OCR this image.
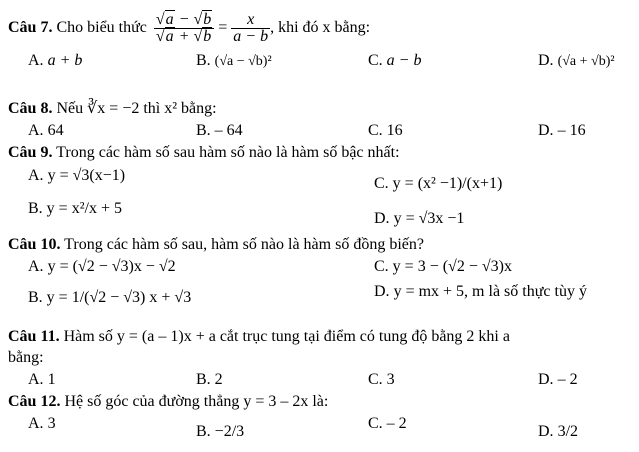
Câu 7. Cho biểu thức $\frac{√a - √b}{√a + √b} = \frac{x}{a - b}$ , khi đó x bằng:
A. a + b	B. (√a − √b)²	C. a − b	D. (√a + √b)²
Câu 8. Nếu ∛x = −2 thì x² bằng:
A. 64	B. – 64	C. 16	D. – 16
Câu 9. Trong các hàm số sau hàm số nào là hàm số bậc nhất:
A. y = √3(x−1)	C. y = (x² −1)/(x+1)
B. y = x²/x + 5
D. y = √3x −1
Câu 10. Trong các hàm số sau, hàm số nào là hàm số đồng biến?
A. y = (√2 − √3)x − √2	C. y = 3 − (√2 − √3)x
B. y = 1/(√2 − √3) x + √3	D. y = mx + 5, m là số thực tùy ý
Câu 11. Hàm số y = (a – 1)x + a cắt trục tung tại điểm có tung độ bằng 2 khi a
bằng:
A. 1	B. 2	C. 3	D. – 2
Câu 12. Hệ số góc của đường thẳng y = 3 – 2x là:
A. 3	B. −2/3	C. – 2	D. 3/2
